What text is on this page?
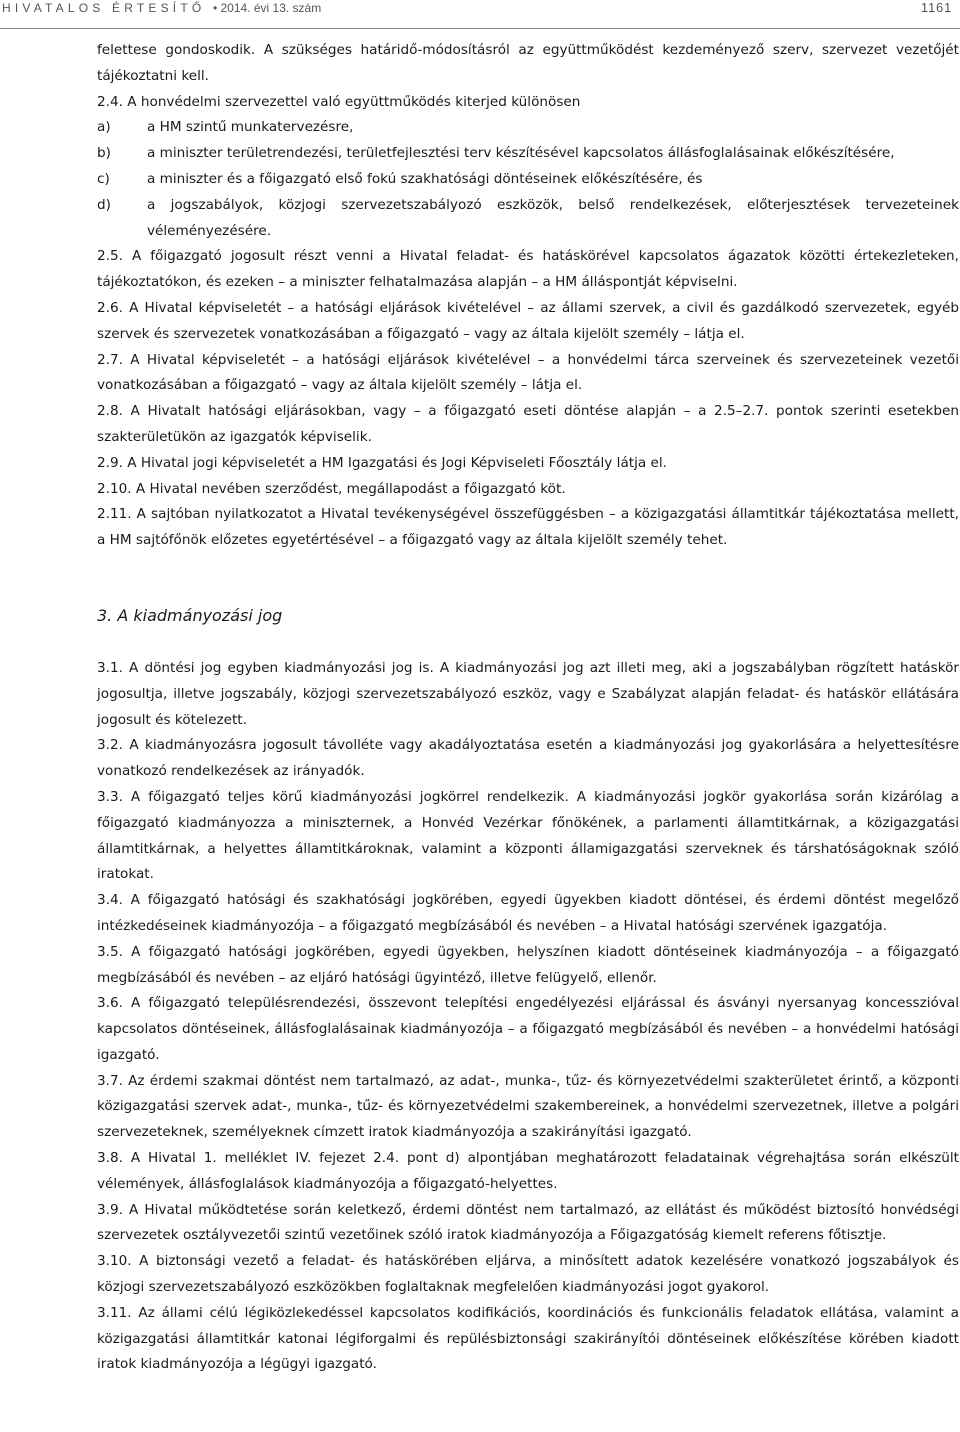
HIVATALOS ÉRTESÍTŐ • 2014. évi 13. szám	1161

felettese gondoskodik. A szükséges határidő-módosításról az együttműködést kezdeményező szerv, szervezet vezetőjét tájékoztatni kell.

2.4. A honvédelmi szervezettel való együttműködés kiterjed különösen

a)	a HM szintű munkatervezésre,
b)	a miniszter területrendezési, területfejlesztési terv készítésével kapcsolatos állásfoglalásainak előkészítésére,
c)	a miniszter és a főigazgató első fokú szakhatósági döntéseinek előkészítésére, és
d)	a jogszabályok, közjogi szervezetszabályozó eszközök, belső rendelkezések, előterjesztések tervezeteinek véleményezésére.

2.5. A főigazgató jogosult részt venni a Hivatal feladat- és hatáskörével kapcsolatos ágazatok közötti értekezleteken, tájékoztatókon, és ezeken – a miniszter felhatalmazása alapján – a HM álláspontját képviselni.

2.6. A Hivatal képviseletét – a hatósági eljárások kivételével – az állami szervek, a civil és gazdálkodó szervezetek, egyéb szervek és szervezetek vonatkozásában a főigazgató – vagy az általa kijelölt személy – látja el.

2.7. A Hivatal képviseletét – a hatósági eljárások kivételével – a honvédelmi tárca szerveinek és szervezeteinek vezetői vonatkozásában a főigazgató – vagy az általa kijelölt személy – látja el.

2.8. A Hivatalt hatósági eljárásokban, vagy – a főigazgató eseti döntése alapján – a 2.5–2.7. pontok szerinti esetekben szakterületükön az igazgatók képviselik.

2.9. A Hivatal jogi képviseletét a HM Igazgatási és Jogi Képviseleti Főosztály látja el.

2.10. A Hivatal nevében szerződést, megállapodást a főigazgató köt.

2.11. A sajtóban nyilatkozatot a Hivatal tevékenységével összefüggésben – a közigazgatási államtitkár tájékoztatása mellett, a HM sajtófőnök előzetes egyetértésével – a főigazgató vagy az általa kijelölt személy tehet.

3. A kiadmányozási jog

3.1. A döntési jog egyben kiadmányozási jog is. A kiadmányozási jog azt illeti meg, aki a jogszabályban rögzített hatáskör jogosultja, illetve jogszabály, közjogi szervezetszabályozó eszköz, vagy e Szabályzat alapján feladat- és hatáskör ellátására jogosult és kötelezett.

3.2. A kiadmányozásra jogosult távolléte vagy akadályoztatása esetén a kiadmányozási jog gyakorlására a helyettesítésre vonatkozó rendelkezések az irányadók.

3.3. A főigazgató teljes körű kiadmányozási jogkörrel rendelkezik. A kiadmányozási jogkör gyakorlása során kizárólag a főigazgató kiadmányozza a miniszternek, a Honvéd Vezérkar főnökének, a parlamenti államtitkárnak, a közigazgatási államtitkárnak, a helyettes államtitkároknak, valamint a központi államigazgatási szerveknek és társhatóságoknak szóló iratokat.

3.4. A főigazgató hatósági és szakhatósági jogkörében, egyedi ügyekben kiadott döntései, és érdemi döntést megelőző intézkedéseinek kiadmányozója – a főigazgató megbízásából és nevében – a Hivatal hatósági szervének igazgatója.

3.5. A főigazgató hatósági jogkörében, egyedi ügyekben, helyszínen kiadott döntéseinek kiadmányozója – a főigazgató megbízásából és nevében – az eljáró hatósági ügyintéző, illetve felügyelő, ellenőr.

3.6. A főigazgató településrendezési, összevont telepítési engedélyezési eljárással és ásványi nyersanyag koncesszióval kapcsolatos döntéseinek, állásfoglalásainak kiadmányozója – a főigazgató megbízásából és nevében – a honvédelmi hatósági igazgató.

3.7. Az érdemi szakmai döntést nem tartalmazó, az adat-, munka-, tűz- és környezetvédelmi szakterületet érintő, a központi közigazgatási szervek adat-, munka-, tűz- és környezetvédelmi szakembereinek, a honvédelmi szervezetnek, illetve a polgári szervezeteknek, személyeknek címzett iratok kiadmányozója a szakirányítási igazgató.

3.8. A Hivatal 1. melléklet IV. fejezet 2.4. pont d) alpontjában meghatározott feladatainak végrehajtása során elkészült vélemények, állásfoglalások kiadmányozója a főigazgató-helyettes.

3.9. A Hivatal működtetése során keletkező, érdemi döntést nem tartalmazó, az ellátást és működést biztosító honvédségi szervezetek osztályvezetői szintű vezetőinek szóló iratok kiadmányozója a Főigazgatóság kiemelt referens főtisztje.

3.10. A biztonsági vezető a feladat- és hatáskörében eljárva, a minősített adatok kezelésére vonatkozó jogszabályok és közjogi szervezetszabályozó eszközökben foglaltaknak megfelelően kiadmányozási jogot gyakorol.

3.11. Az állami célú légiközlekedéssel kapcsolatos kodifikációs, koordinációs és funkcionális feladatok ellátása, valamint a közigazgatási államtitkár katonai légiforgalmi és repülésbiztonsági szakirányítói döntéseinek előkészítése körében kiadott iratok kiadmányozója a légügyi igazgató.
